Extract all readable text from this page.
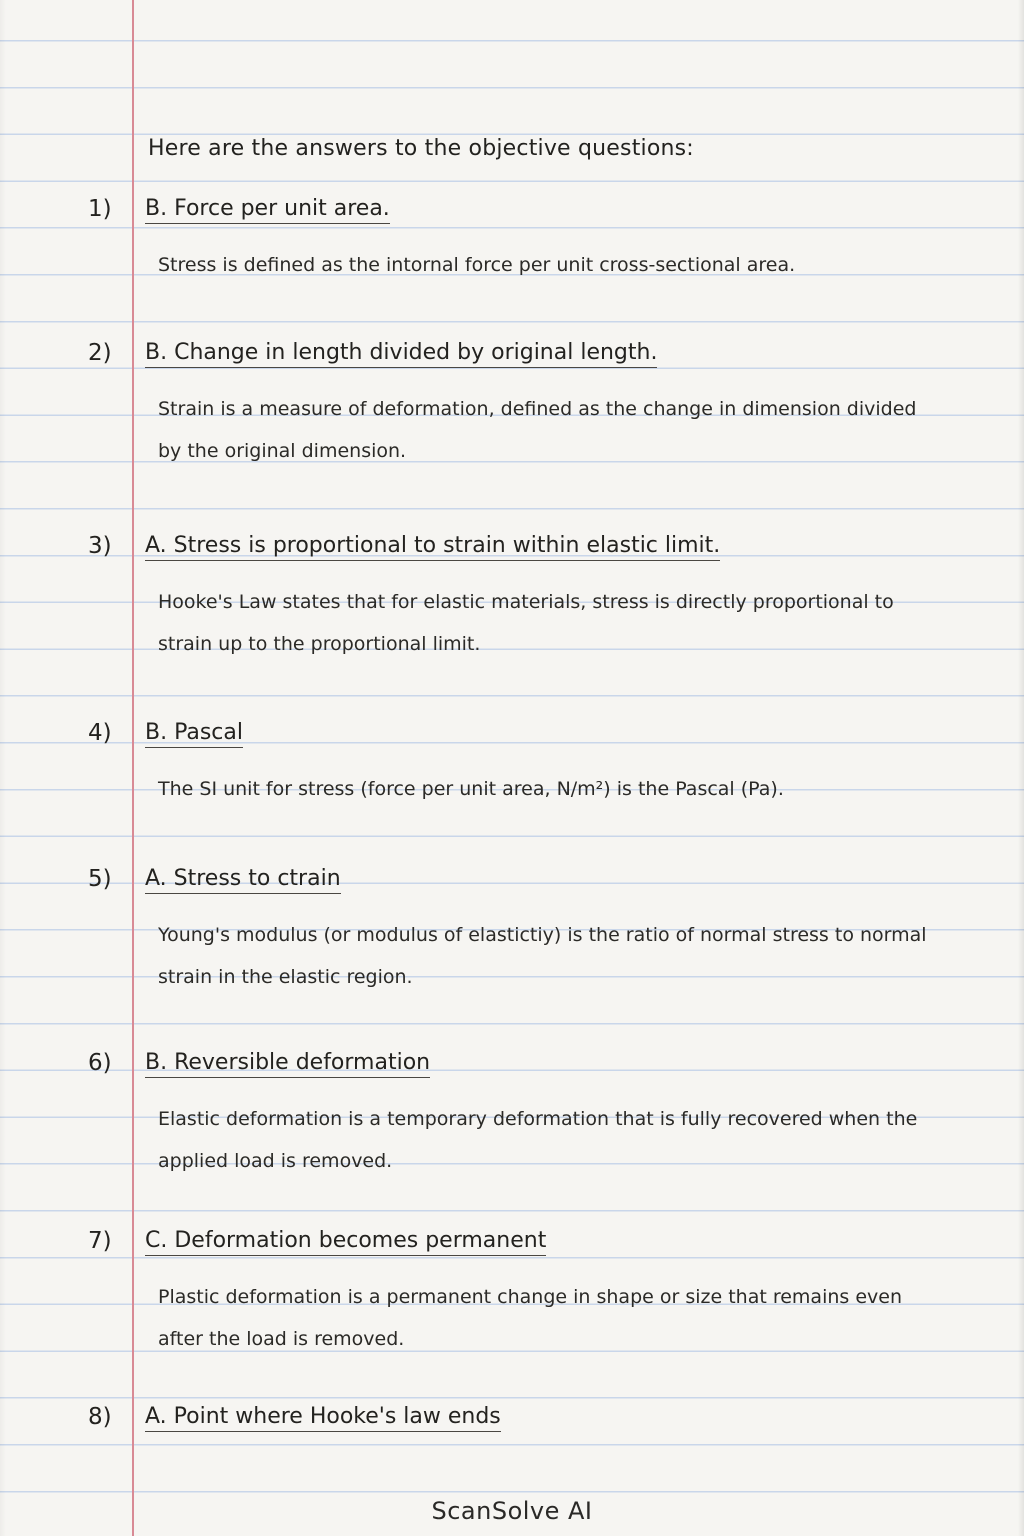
Here are the answers to the objective questions:
1)	B. Force per unit area.
Stress is defined as the intornal force per unit cross-sectional area.
2)	B. Change in length divided by original length.
Strain is a measure of deformation, defined as the change in dimension divided by the original dimension.
3)	A. Stress is proportional to strain within elastic limit.
Hooke's Law states that for elastic materials, stress is directly proportional to strain up to the proportional limit.
4)	B. Pascal
The SI unit for stress (force per unit area, N/m²) is the Pascal (Pa).
5)	A. Stress to ctrain
Young's modulus (or modulus of elastictiy) is the ratio of normal stress to normal strain in the elastic region.
6)	B. Reversible deformation
Elastic deformation is a temporary deformation that is fully recovered when the applied load is removed.
7)	C. Deformation becomes permanent
Plastic deformation is a permanent change in shape or size that remains even after the load is removed.
8)	A. Point where Hooke's law ends
ScanSolve AI
